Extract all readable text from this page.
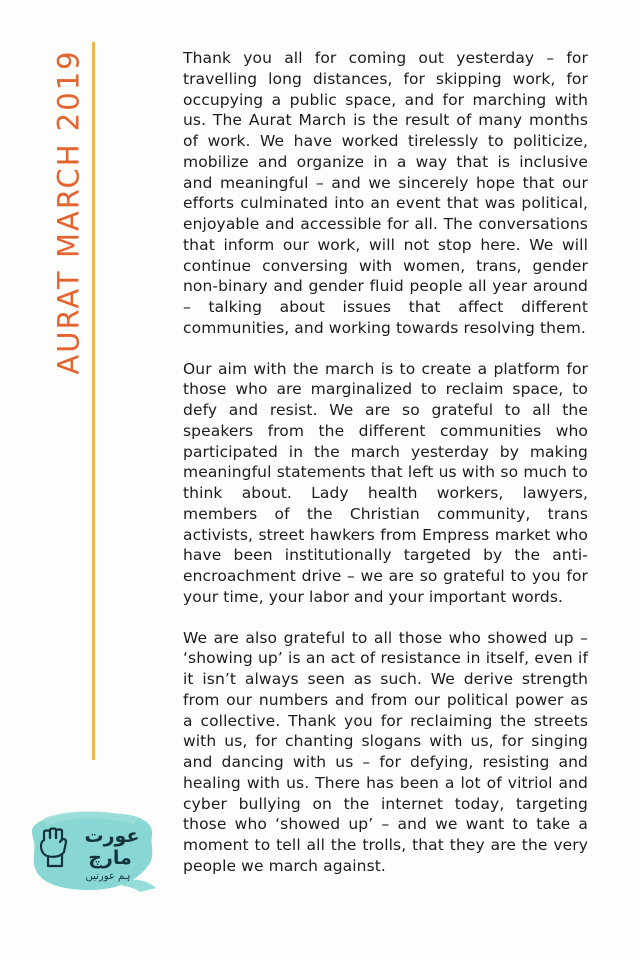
AURAT MARCH 2019	Thank you all for coming out yesterday – for travelling long distances, for skipping work, for occupying a public space, and for marching with us. The Aurat March is the result of many months of work. We have worked tirelessly to politicize, mobilize and organize in a way that is inclusive and meaningful – and we sincerely hope that our efforts culminated into an event that was political, enjoyable and accessible for all. The conversations that inform our work, will not stop here. We will continue conversing with women, trans, gender non-binary and gender fluid people all year around – talking about issues that affect different communities, and working towards resolving them.

Our aim with the march is to create a platform for those who are marginalized to reclaim space, to defy and resist. We are so grateful to all the speakers from the different communities who participated in the march yesterday by making meaningful statements that left us with so much to think about. Lady health workers, lawyers, members of the Christian community, trans activists, street hawkers from Empress market who have been institutionally targeted by the anti-encroachment drive – we are so grateful to you for your time, your labor and your important words.

We are also grateful to all those who showed up – ‘showing up’ is an act of resistance in itself, even if it isn’t always seen as such. We derive strength from our numbers and from our political power as a collective. Thank you for reclaiming the streets with us, for chanting slogans with us, for singing and dancing with us – for defying, resisting and healing with us. There has been a lot of vitriol and cyber bullying on the internet today, targeting those who ‘showed up’ – and we want to take a moment to tell all the trolls, that they are the very people we march against.

عورت
مارچ
ہم عورتیں
